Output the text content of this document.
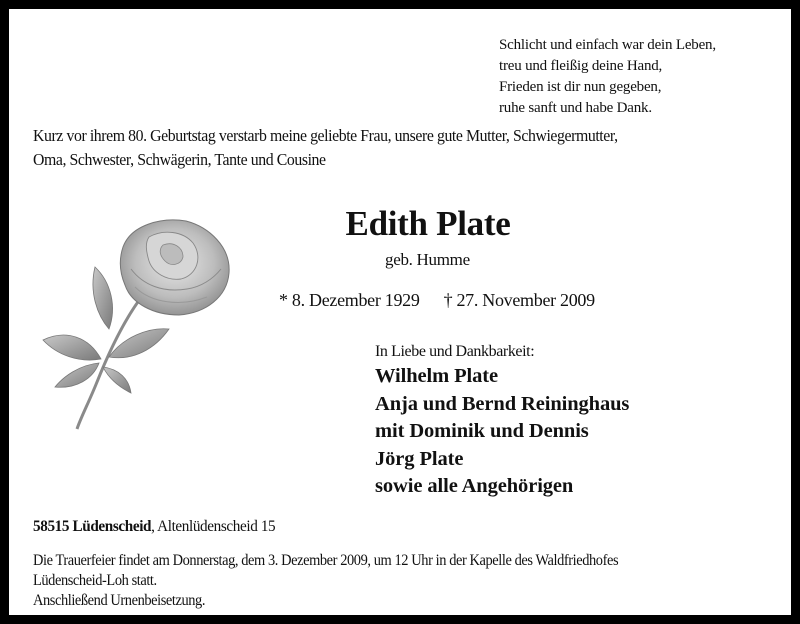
Schlicht und einfach war dein Leben,
treu und fleißig deine Hand,
Frieden ist dir nun gegeben,
ruhe sanft und habe Dank.
Kurz vor ihrem 80. Geburtstag verstarb meine geliebte Frau, unsere gute Mutter, Schwiegermutter,
Oma, Schwester, Schwägerin, Tante und Cousine
Edith Plate
geb. Humme
* 8. Dezember 1929 † 27. November 2009
In Liebe und Dankbarkeit:
Wilhelm Plate
Anja und Bernd Reininghaus
mit Dominik und Dennis
Jörg Plate
sowie alle Angehörigen
58515 Lüdenscheid, Altenlüdenscheid 15
Die Trauerfeier findet am Donnerstag, dem 3. Dezember 2009, um 12 Uhr in der Kapelle des Waldfriedhofes
Lüdenscheid-Loh statt.
Anschließend Urnenbeisetzung.
